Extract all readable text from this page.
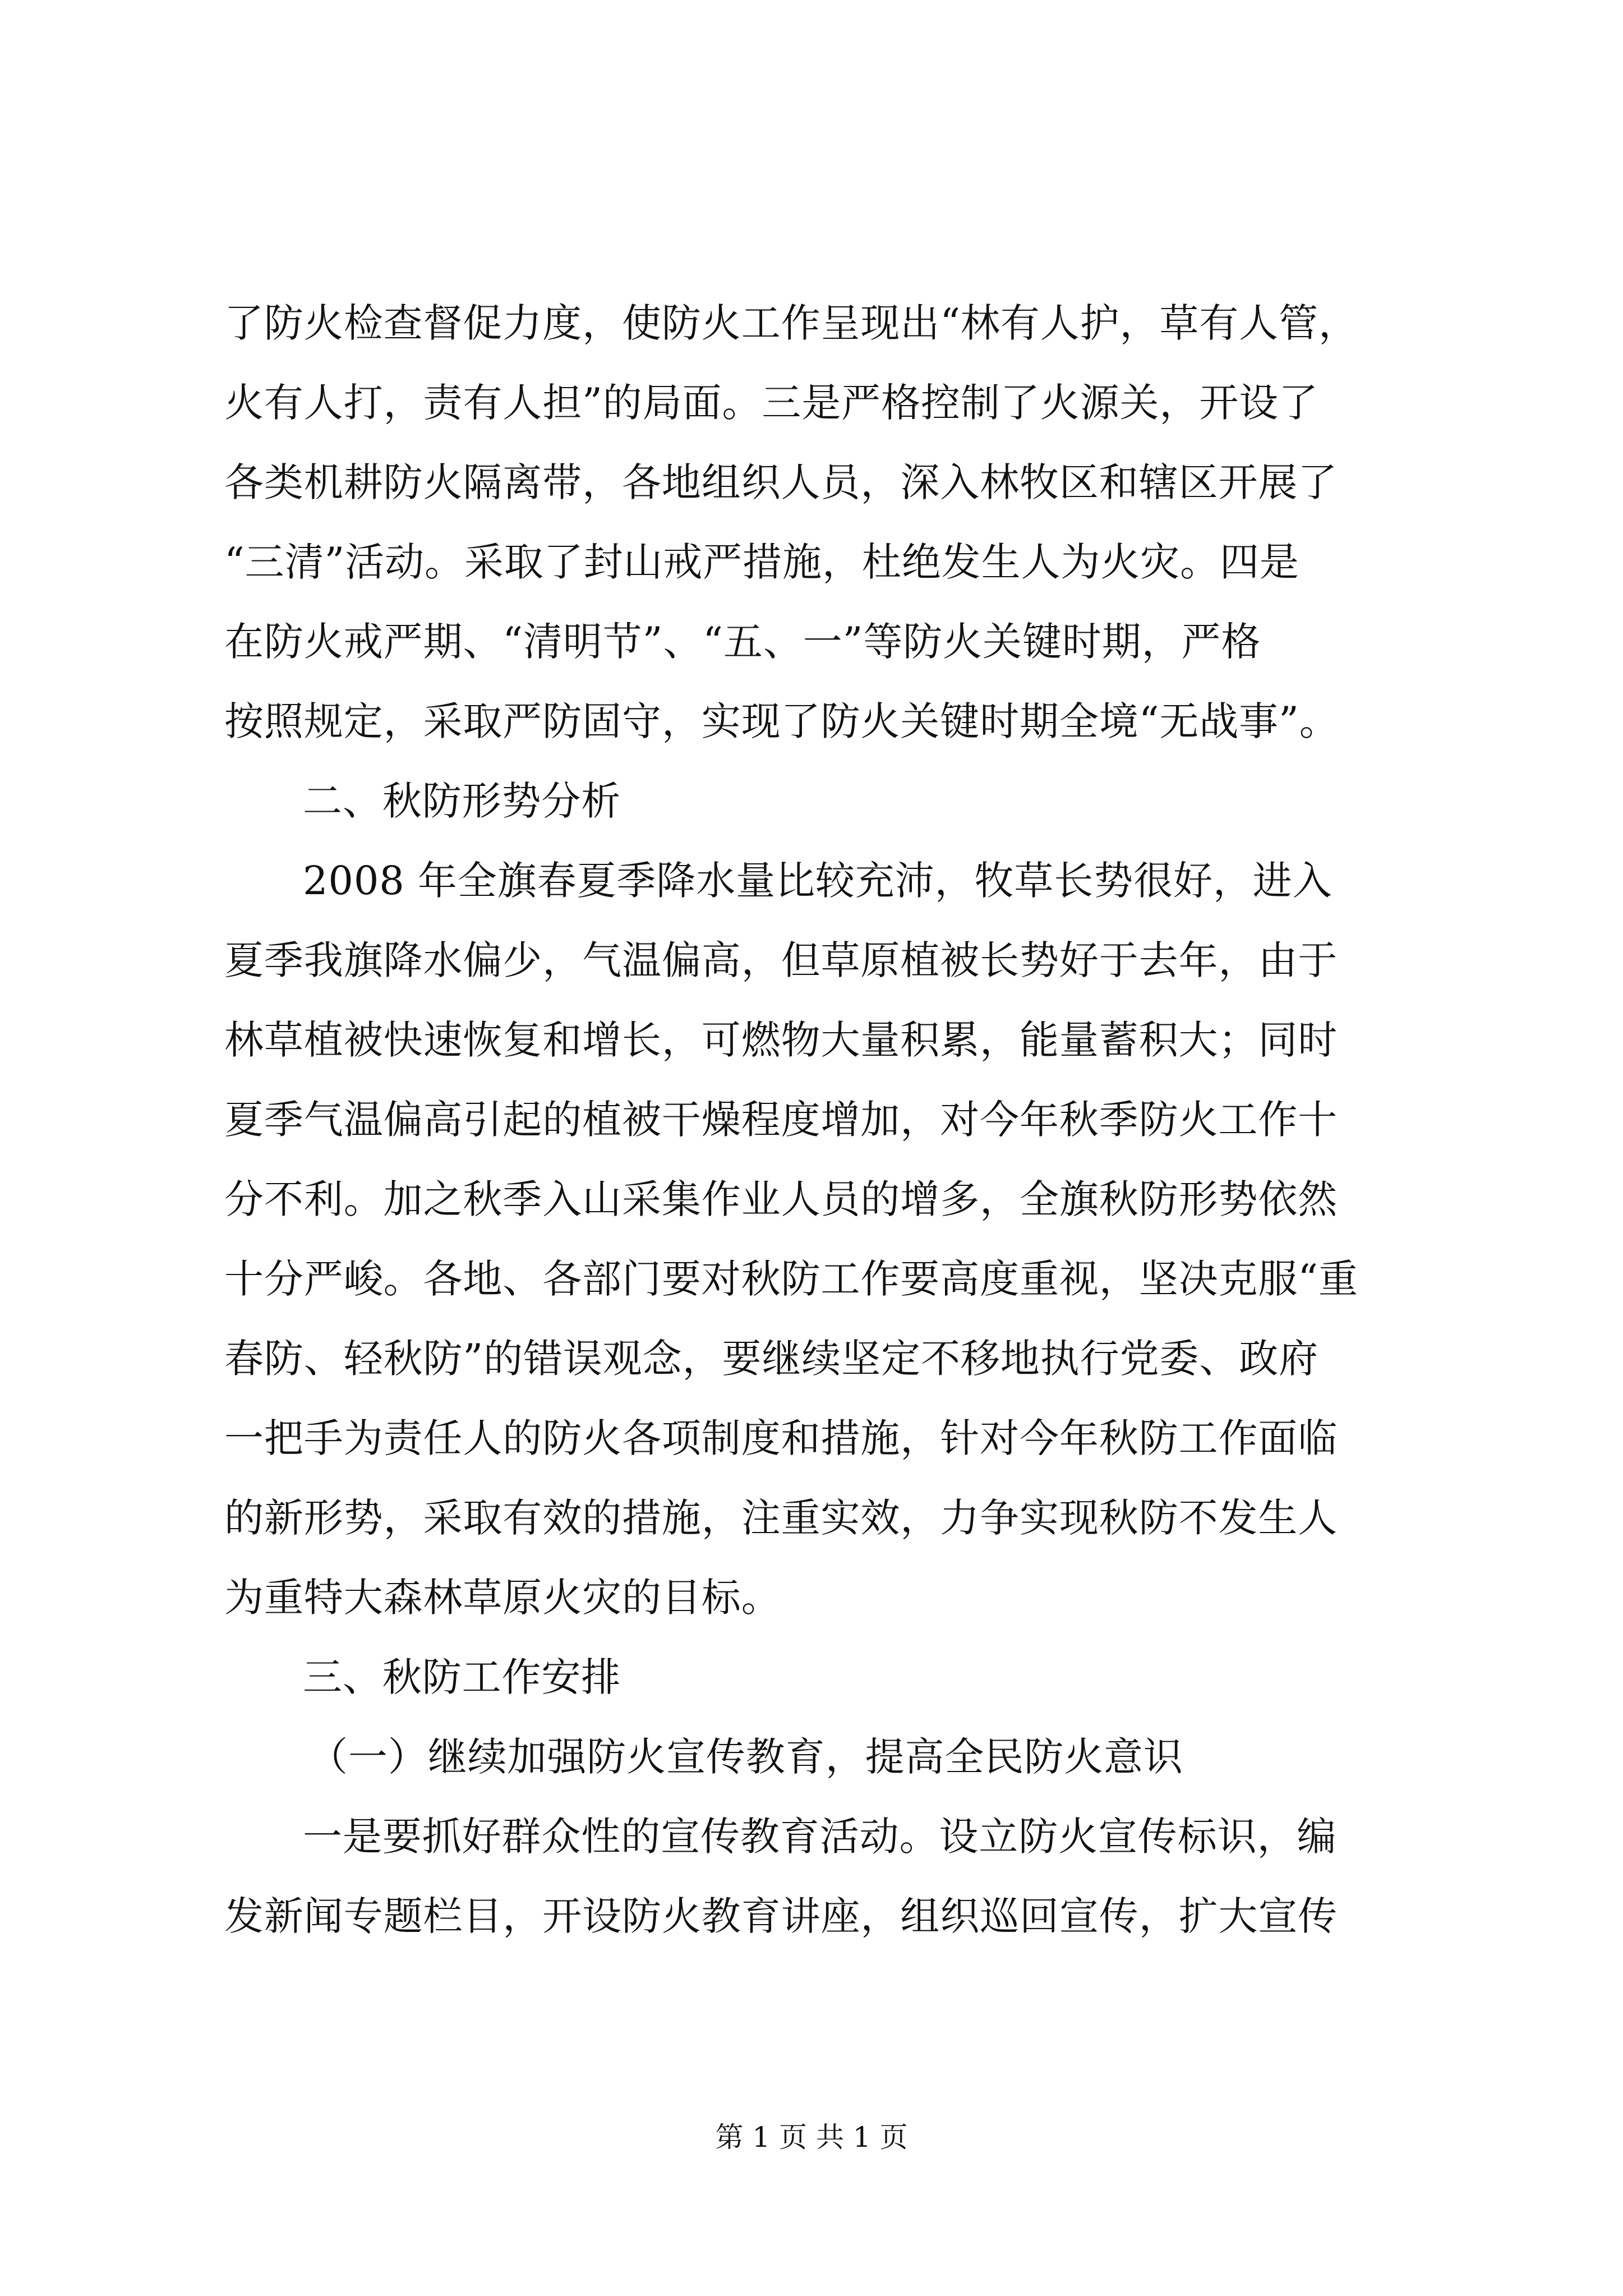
了防火检查督促力度，使防火工作呈现出“林有人护，草有人管，
火有人打，责有人担”的局面。三是严格控制了火源关，开设了
各类机耕防火隔离带，各地组织人员，深入林牧区和辖区开展了
“三清”活动。采取了封山戒严措施，杜绝发生人为火灾。四是
在防火戒严期、“清明节”、“五、一”等防火关键时期，严格
按照规定，采取严防固守，实现了防火关键时期全境“无战事”。
二、秋防形势分析
2008 年全旗春夏季降水量比较充沛，牧草长势很好，进入
夏季我旗降水偏少，气温偏高，但草原植被长势好于去年，由于
林草植被快速恢复和增长，可燃物大量积累，能量蓄积大；同时
夏季气温偏高引起的植被干燥程度增加，对今年秋季防火工作十
分不利。加之秋季入山采集作业人员的增多，全旗秋防形势依然
十分严峻。各地、各部门要对秋防工作要高度重视，坚决克服“重
春防、轻秋防”的错误观念，要继续坚定不移地执行党委、政府
一把手为责任人的防火各项制度和措施，针对今年秋防工作面临
的新形势，采取有效的措施，注重实效，力争实现秋防不发生人
为重特大森林草原火灾的目标。
三、秋防工作安排
（一）继续加强防火宣传教育，提高全民防火意识
一是要抓好群众性的宣传教育活动。设立防火宣传标识，编
发新闻专题栏目，开设防火教育讲座，组织巡回宣传，扩大宣传
第 1 页 共 1 页
